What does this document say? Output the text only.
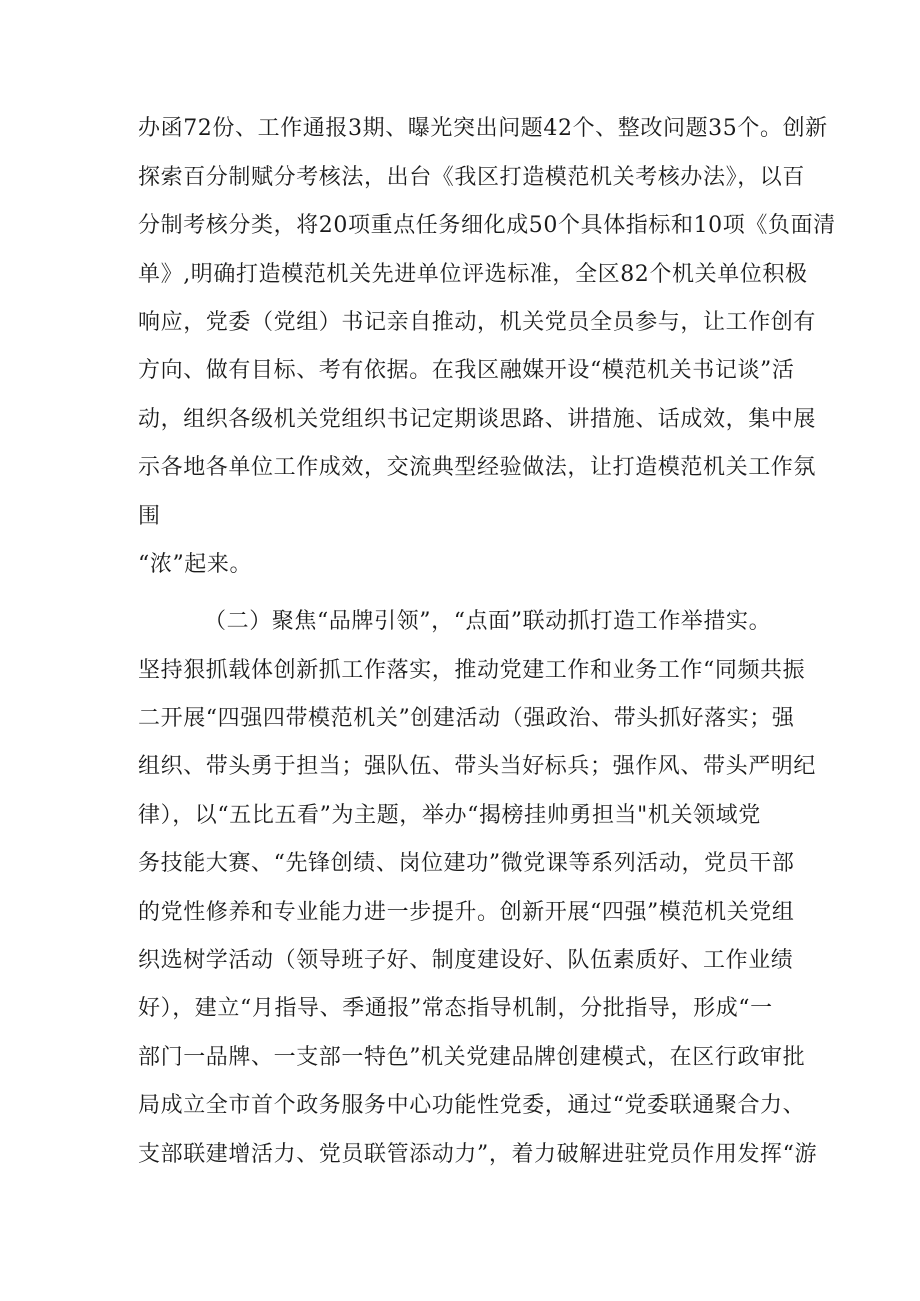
办函72份、工作通报3期、曝光突出问题42个、整改问题35个。创新
探索百分制赋分考核法，出台《我区打造模范机关考核办法》，以百
分制考核分类，将20项重点任务细化成50个具体指标和10项《负面清
单》,明确打造模范机关先进单位评选标准，全区82个机关单位积极
响应，党委（党组）书记亲自推动，机关党员全员参与，让工作创有
方向、做有目标、考有依据。在我区融媒开设“模范机关书记谈”活
动，组织各级机关党组织书记定期谈思路、讲措施、话成效，集中展
示各地各单位工作成效，交流典型经验做法，让打造模范机关工作氛
围
“浓”起来。
（二）聚焦“品牌引领”，“点面”联动抓打造工作举措实。
坚持狠抓载体创新抓工作落实，推动党建工作和业务工作“同频共振
二开展“四强四带模范机关”创建活动（强政治、带头抓好落实；强
组织、带头勇于担当；强队伍、带头当好标兵；强作风、带头严明纪
律），以“五比五看”为主题，举办“揭榜挂帅勇担当"机关领域党
务技能大赛、“先锋创绩、岗位建功”微党课等系列活动，党员干部
的党性修养和专业能力进一步提升。创新开展“四强”模范机关党组
织选树学活动（领导班子好、制度建设好、队伍素质好、工作业绩
好），建立“月指导、季通报”常态指导机制，分批指导，形成“一
部门一品牌、一支部一特色”机关党建品牌创建模式，在区行政审批
局成立全市首个政务服务中心功能性党委，通过“党委联通聚合力、
支部联建增活力、党员联管添动力”，着力破解进驻党员作用发挥“游
